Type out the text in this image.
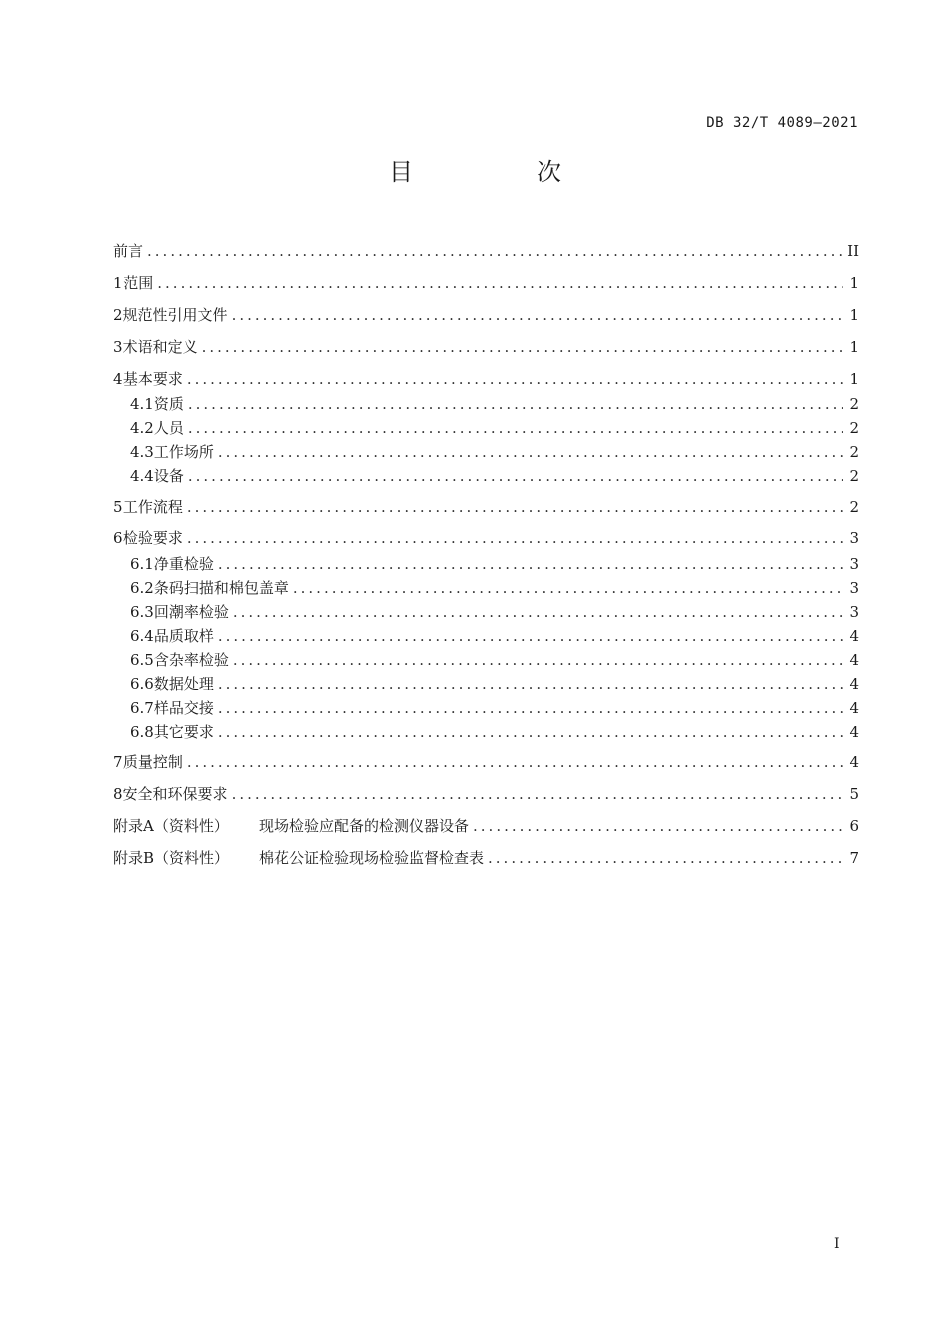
DB 32/T 4089—2021
目　次
前言 .....	II
1 范围 .....	1
2 规范性引用文件 .....	1
3 术语和定义 .....	1
4 基本要求 .....	1
4.1 资质 .....	2
4.2 人员 .....	2
4.3 工作场所 .....	2
4.4 设备 .....	2
5 工作流程 .....	2
6 检验要求 .....	3
6.1 净重检验 .....	3
6.2 条码扫描和棉包盖章 .....	3
6.3 回潮率检验 .....	3
6.4 品质取样 .....	4
6.5 含杂率检验 .....	4
6.6 数据处理 .....	4
6.7 样品交接 .....	4
6.8 其它要求 .....	4
7 质量控制 .....	4
8 安全和环保要求 .....	5
附录A（资料性）	现场检验应配备的检测仪器设备 .....	6
附录B（资料性）	棉花公证检验现场检验监督检查表 .....	7
I
